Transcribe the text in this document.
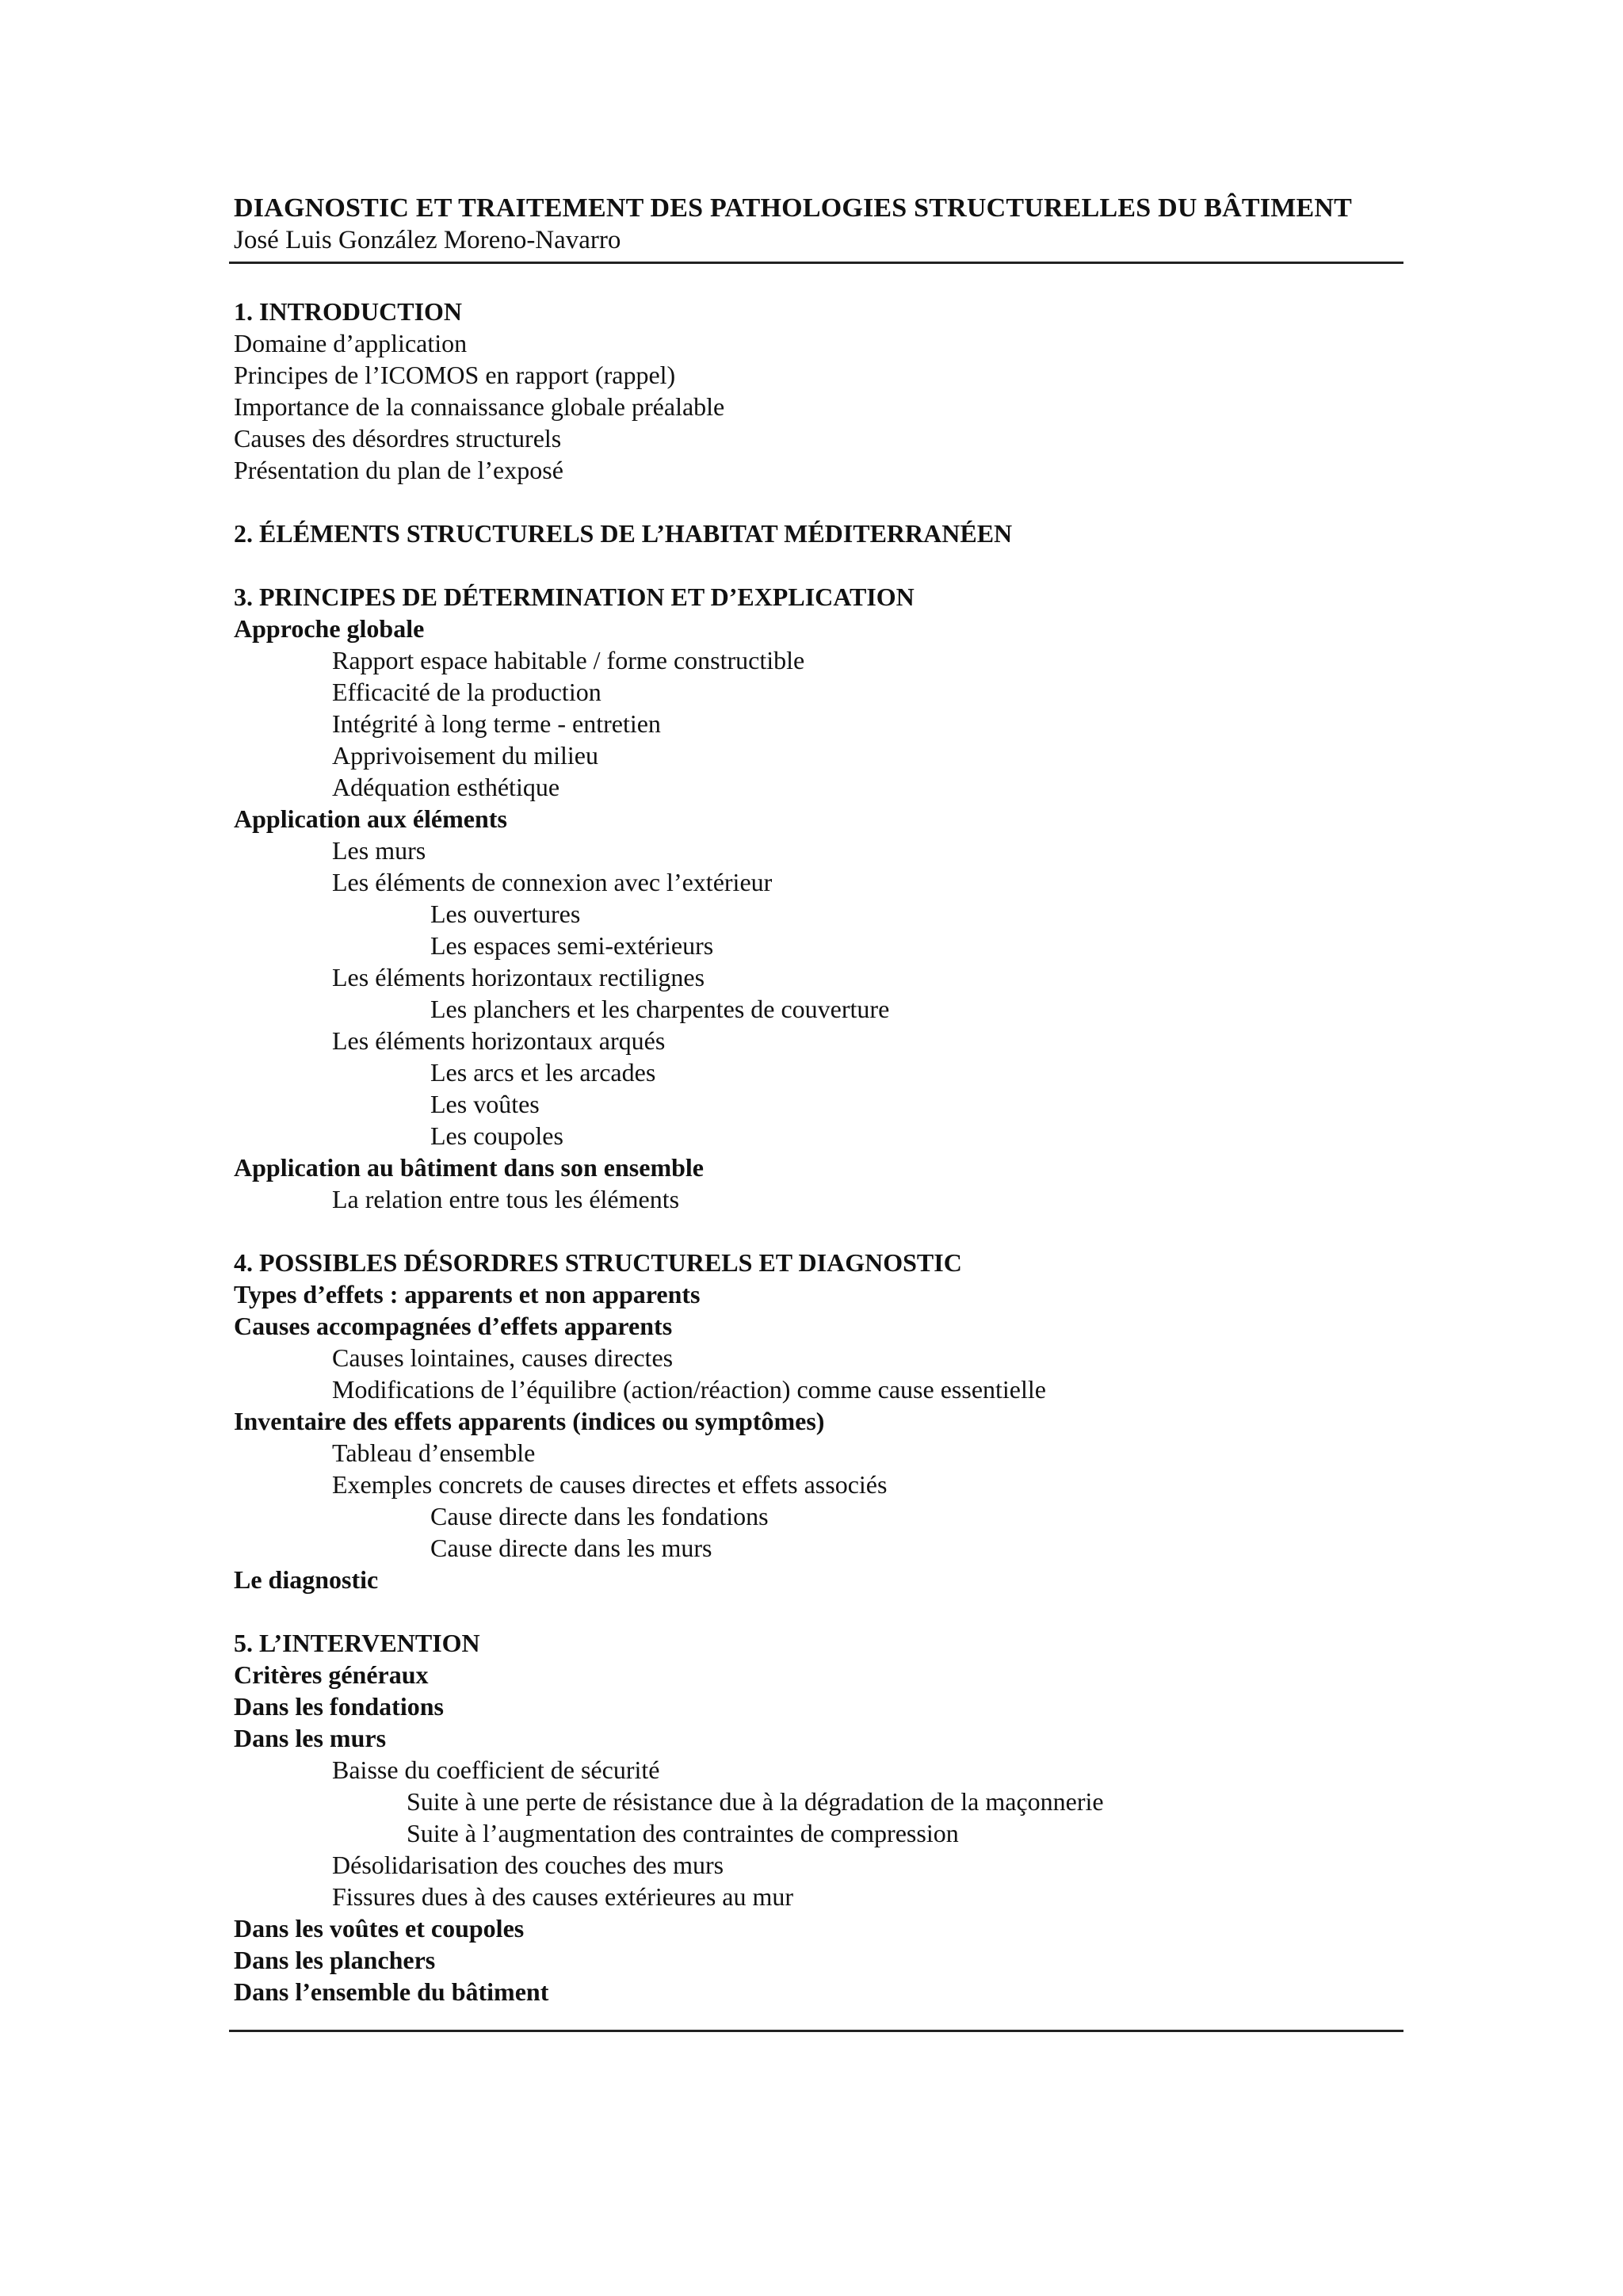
DIAGNOSTIC ET TRAITEMENT DES PATHOLOGIES STRUCTURELLES DU BÂTIMENT
José Luis González Moreno-Navarro
1. INTRODUCTION
Domaine d’application
Principes de l’ICOMOS en rapport (rappel)
Importance de la connaissance globale préalable
Causes des désordres structurels
Présentation du plan de l’exposé
2. ÉLÉMENTS STRUCTURELS DE L’HABITAT MÉDITERRANÉEN
3. PRINCIPES DE DÉTERMINATION ET D’EXPLICATION
Approche globale
Rapport espace habitable / forme constructible
Efficacité de la production
Intégrité à long terme - entretien
Apprivoisement du milieu
Adéquation esthétique
Application aux éléments
Les murs
Les éléments de connexion avec l’extérieur
Les ouvertures
Les espaces semi-extérieurs
Les éléments horizontaux rectilignes
Les planchers et les charpentes de couverture
Les éléments horizontaux arqués
Les arcs et les arcades
Les voûtes
Les coupoles
Application au bâtiment dans son ensemble
La relation entre tous les éléments
4. POSSIBLES DÉSORDRES STRUCTURELS ET DIAGNOSTIC
Types d’effets : apparents et non apparents
Causes accompagnées d’effets apparents
Causes lointaines, causes directes
Modifications de l’équilibre (action/réaction) comme cause essentielle
Inventaire des effets apparents (indices ou symptômes)
Tableau d’ensemble
Exemples concrets de causes directes et effets associés
Cause directe dans les fondations
Cause directe dans les murs
Le diagnostic
5. L’INTERVENTION
Critères généraux
Dans les fondations
Dans les murs
Baisse du coefficient de sécurité
Suite à une perte de résistance due à la dégradation de la maçonnerie
Suite à l’augmentation des contraintes de compression
Désolidarisation des couches des murs
Fissures dues à des causes extérieures au mur
Dans les voûtes et coupoles
Dans les planchers
Dans l’ensemble du bâtiment
